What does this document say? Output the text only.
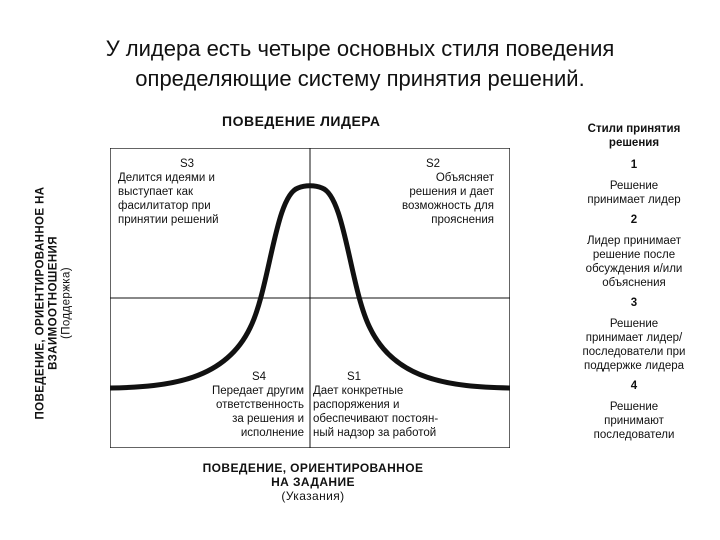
У лидера есть четыре основных стиля поведения
определяющие систему принятия решений.
ПОВЕДЕНИЕ ЛИДЕРА
S3
Делится идеями и
выступает как
фасилитатор при
принятии решений
S2
Объясняет
решения и дает
возможность для
прояснения
S4
Передает другим
ответственность
за решения и
исполнение
S1
Дает конкретные
распоряжения и
обеспечивают постоян-
ный надзор за работой
ПОВЕДЕНИЕ, ОРИЕНТИРОВАННОЕ НА
ВЗАИМООТНОШЕНИЯ (Поддержка)
ПОВЕДЕНИЕ, ОРИЕНТИРОВАННОЕ
НА ЗАДАНИЕ
(Указания)
Стили принятия
решения
1
Решение
принимает лидер
2
Лидер принимает
решение после
обсуждения и/или
объяснения
3
Решение
принимает лидер/
последователи при
поддержке лидера
4
Решение
принимают
последователи
